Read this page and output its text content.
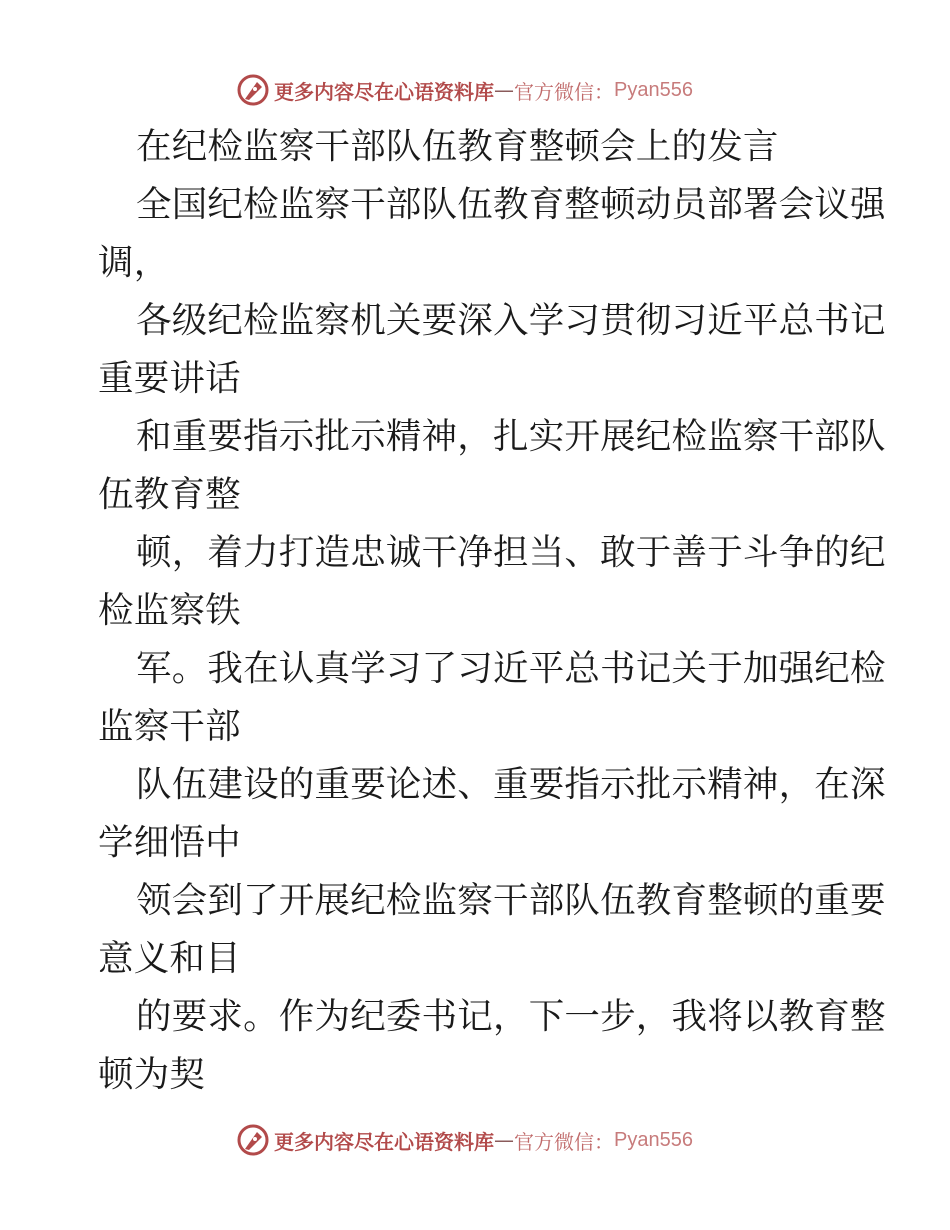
更多内容尽在心语资料库 — 官方微信： Pyan556
在纪检监察干部队伍教育整顿会上的发言
全国纪检监察干部队伍教育整顿动员部署会议强
调，
各级纪检监察机关要深入学习贯彻习近平总书记
重要讲话
和重要指示批示精神，扎实开展纪检监察干部队
伍教育整
顿，着力打造忠诚干净担当、敢于善于斗争的纪
检监察铁
军。我在认真学习了习近平总书记关于加强纪检
监察干部
队伍建设的重要论述、重要指示批示精神，在深
学细悟中
领会到了开展纪检监察干部队伍教育整顿的重要
意义和目
的要求。作为纪委书记，下一步，我将以教育整
顿为契
更多内容尽在心语资料库 — 官方微信： Pyan556
